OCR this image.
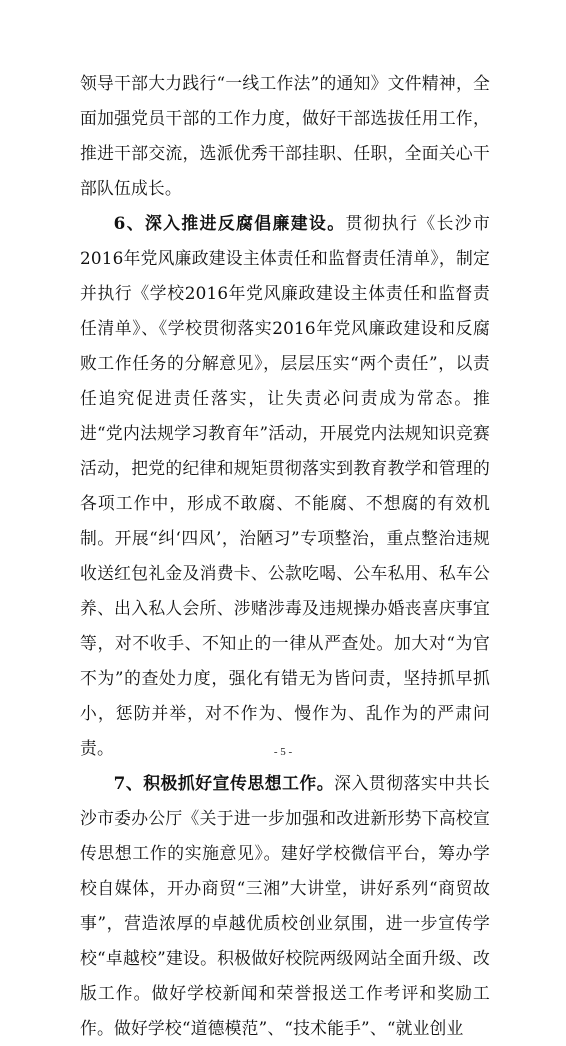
领导干部大力践行“一线工作法”的通知》文件精神，全面加强党员干部的工作力度，做好干部选拔任用工作，推进干部交流，选派优秀干部挂职、任职，全面关心干部队伍成长。

6、深入推进反腐倡廉建设。贯彻执行《长沙市2016年党风廉政建设主体责任和监督责任清单》，制定并执行《学校2016年党风廉政建设主体责任和监督责任清单》、《学校贯彻落实2016年党风廉政建设和反腐败工作任务的分解意见》，层层压实“两个责任”，以责任追究促进责任落实，让失责必问责成为常态。推进“党内法规学习教育年”活动，开展党内法规知识竞赛活动，把党的纪律和规矩贯彻落实到教育教学和管理的各项工作中，形成不敢腐、不能腐、不想腐的有效机制。开展“纠‘四风’，治陋习”专项整治，重点整治违规收送红包礼金及消费卡、公款吃喝、公车私用、私车公养、出入私人会所、涉赌涉毒及违规操办婚丧喜庆事宜等，对不收手、不知止的一律从严查处。加大对“为官不为”的查处力度，强化有错无为皆问责，坚持抓早抓小，惩防并举，对不作为、慢作为、乱作为的严肃问责。

7、积极抓好宣传思想工作。深入贯彻落实中共长沙市委办公厅《关于进一步加强和改进新形势下高校宣传思想工作的实施意见》。建好学校微信平台，筹办学校自媒体，开办商贸“三湘”大讲堂，讲好系列“商贸故事”，营造浓厚的卓越优质校创业氛围，进一步宣传学校“卓越校”建设。积极做好校院两级网站全面升级、改版工作。做好学校新闻和荣誉报送工作考评和奖励工作。做好学校“道德模范”、“技术能手”、“就业创业

- 5 -
